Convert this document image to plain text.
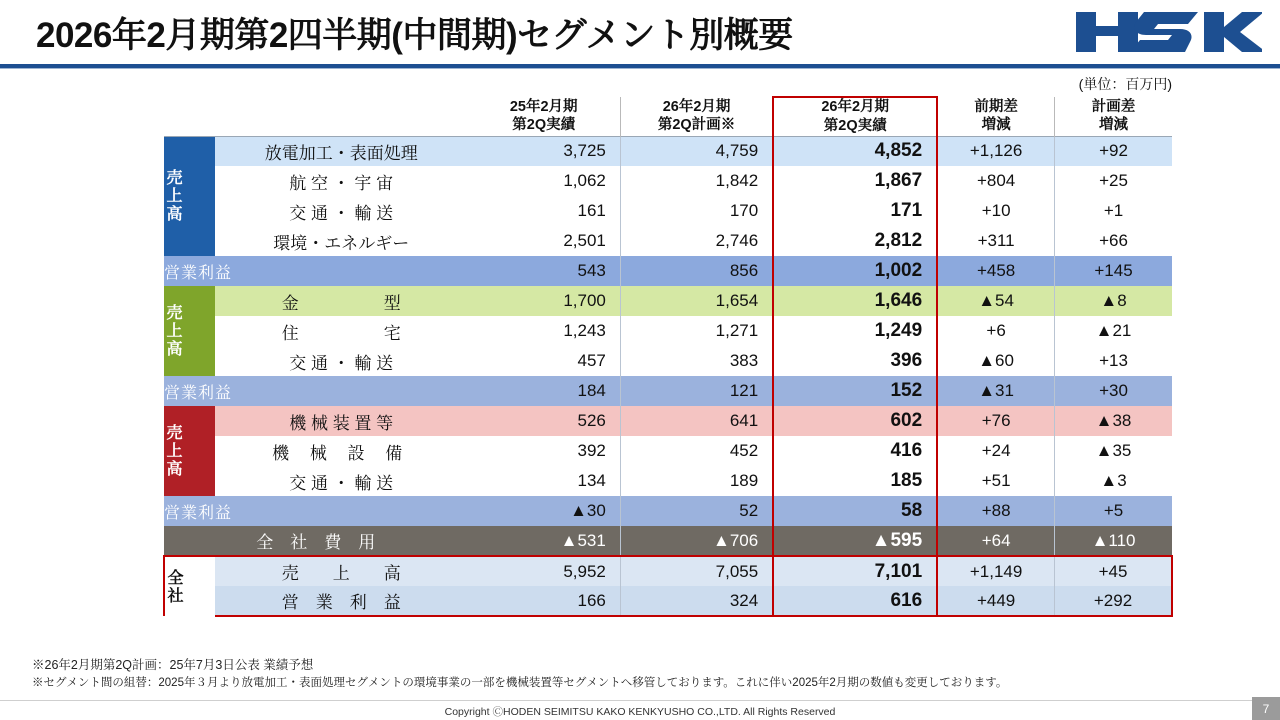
2026年2月期第2四半期(中間期)セグメント別概要
(単位：百万円)

25年2月期
第2Q実績

26年2月期
第2Q計画※

26年2月期
第2Q実績

前期差
増減

計画差
増減

売上高	放電加工・表面処理	3,725	4,759	4,852	+1,126	+92
	航 空 ・ 宇 宙	1,062	1,842	1,867	+804	+25
	交 通 ・ 輸 送	161	170	171	+10	+1
	環境・エネルギー	2,501	2,746	2,812	+311	+66
営業利益		543	856	1,002	+458	+145

売上高	金　　　　　型	1,700	1,654	1,646	▲54	▲8
	住　　　　　宅	1,243	1,271	1,249	+6	▲21
	交 通 ・ 輸 送	457	383	396	▲60	+13
営業利益		184	121	152	▲31	+30

売上高	機 械 装 置 等	526	641	602	+76	▲38
	機 械 設 備	392	452	416	+24	▲35
	交 通 ・ 輸 送	134	189	185	+51	▲3
営業利益		▲30	52	58	+88	+5
全　社　費　用		▲531	▲706	▲595	+64	▲110

全社	売　　上　　高	5,952	7,055	7,101	+1,149	+45
	営　業　利　益	166	324	616	+449	+292
※26年2月期第2Q計画：25年7月3日公表 業績予想
※セグメント間の組替：2025年３月より放電加工・表面処理セグメントの環境事業の一部を機械装置等セグメントへ移管しております。これに伴い2025年2月期の数値も変更しております。
Copyright ⒸHODEN SEIMITSU KAKO KENKYUSHO CO.,LTD. All Rights Reserved	7
